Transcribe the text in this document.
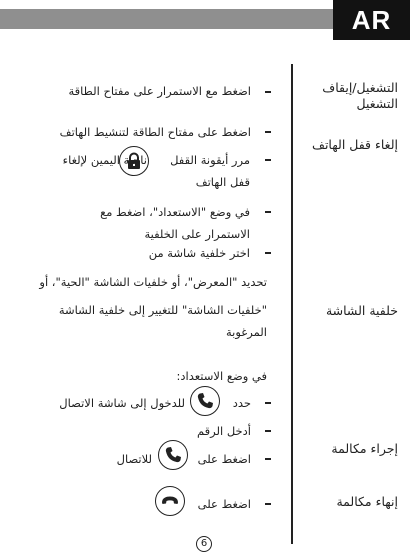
AR
التشغيل/إيقاف التشغيل
إلغاء قفل الهاتف
خلفية الشاشة
إجراء مكالمة
إنهاء مكالمة
اضغط مع الاستمرار على مفتاح الطاقة
اضغط على مفتاح الطاقة لتنشيط الهاتف
مرر أيقونة القفل
ناحية اليمين لإلغاء
قفل الهاتف
في وضع "الاستعداد"، اضغط مع
الاستمرار على الخلفية
اختر خلفية شاشة من
تحديد "المعرض"، أو خلفيات الشاشة "الحية"، أو
"خلفيات الشاشة" للتغيير إلى خلفية الشاشة
المرغوبة
في وضع الاستعداد:
حدد
للدخول إلى شاشة الاتصال
أدخل الرقم
اضغط على
للاتصال
اضغط على
6
